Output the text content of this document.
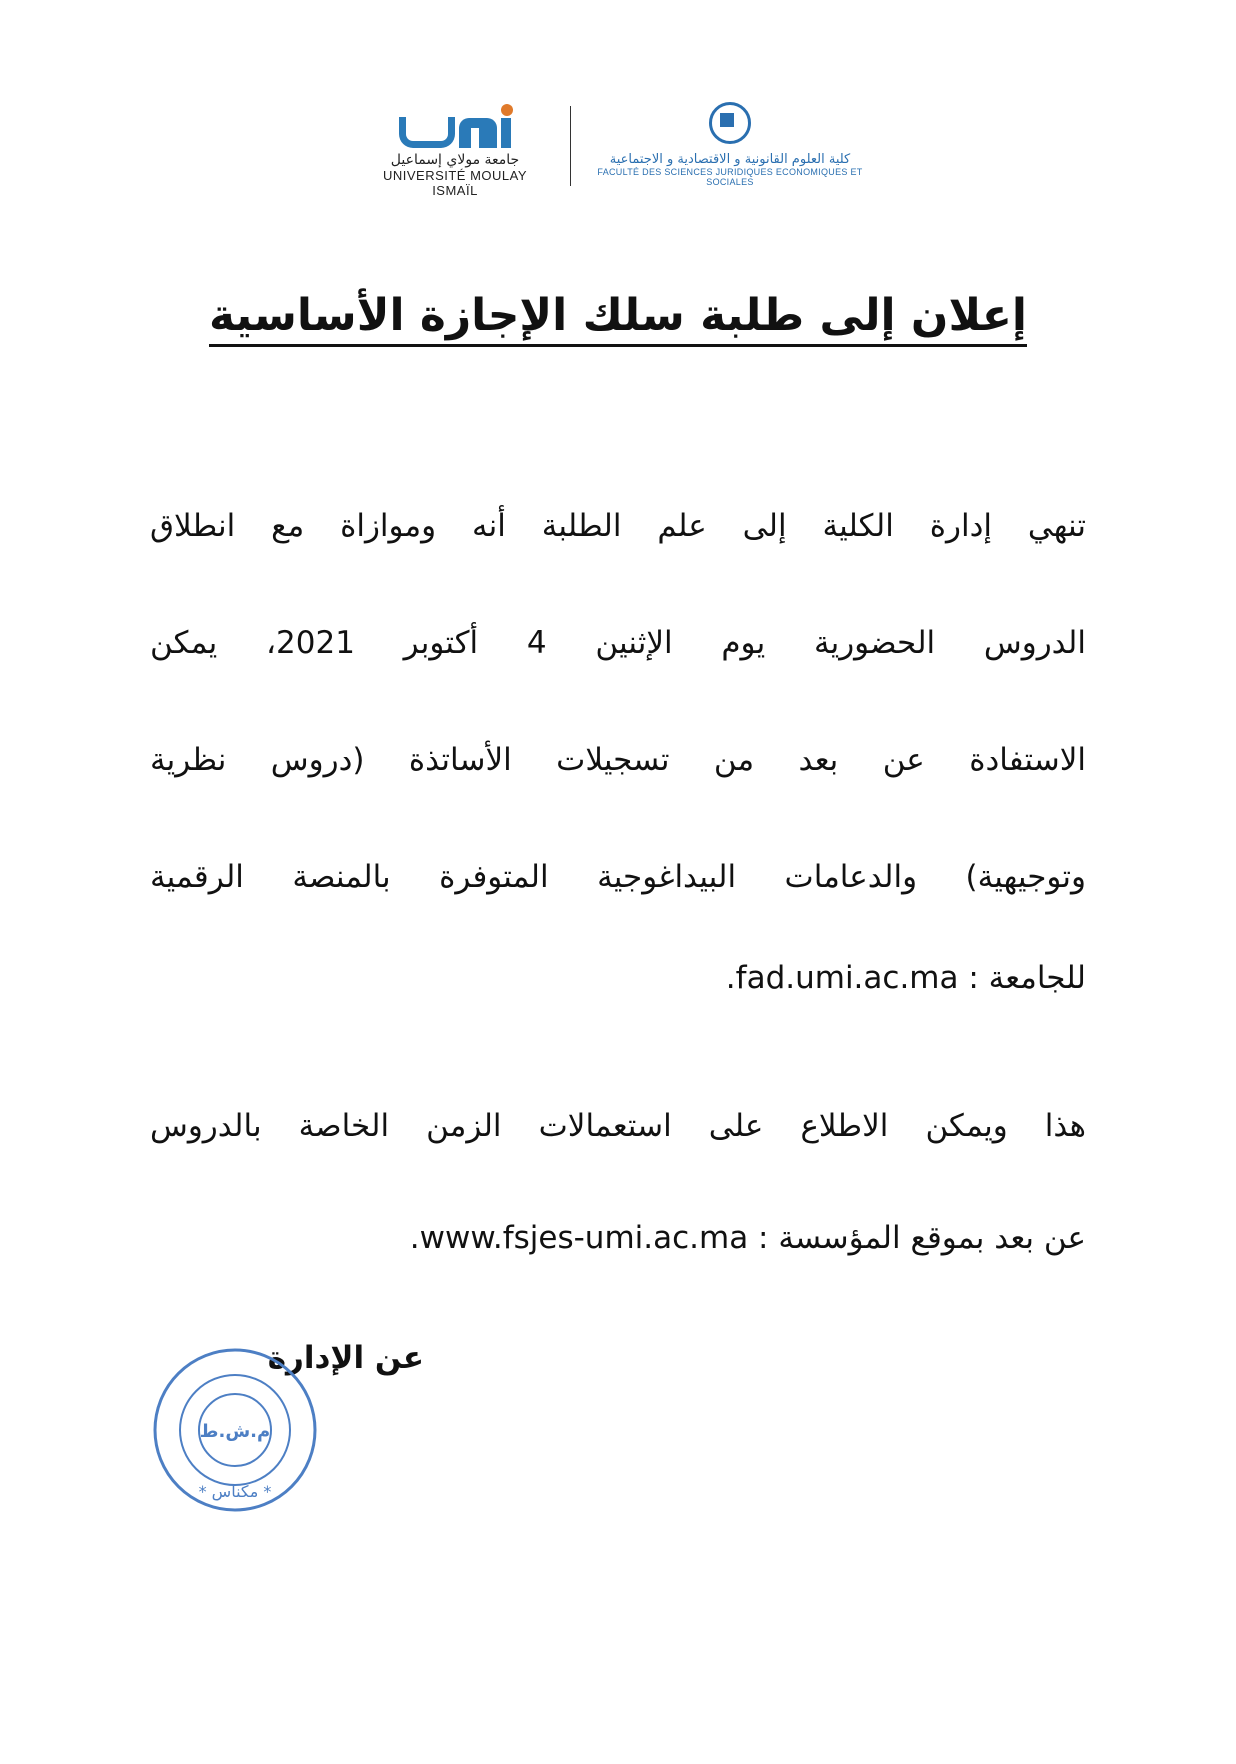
جامعة مولاي إسماعيل
UNIVERSITÉ MOULAY ISMAÏL
كلية العلوم القانونية و الاقتصادية و الاجتماعية
FACULTÉ DES SCIENCES JURIDIQUES ECONOMIQUES ET SOCIALES
إعلان إلى طلبة سلك الإجازة الأساسية
تنهي إدارة الكلية إلى علم الطلبة أنه وموازاة مع انطلاق
الدروس الحضورية يوم الإثنين 4 أكتوبر 2021، يمكن
الاستفادة عن بعد من تسجيلات الأساتذة (دروس نظرية
وتوجيهية) والدعامات البيداغوجية المتوفرة بالمنصة الرقمية
للجامعة : fad.umi.ac.ma.
هذا ويمكن الاطلاع على استعمالات الزمن الخاصة بالدروس
عن بعد بموقع المؤسسة : www.fsjes-umi.ac.ma.
عن الإدارة
م.ش.ط
* مكناس *
